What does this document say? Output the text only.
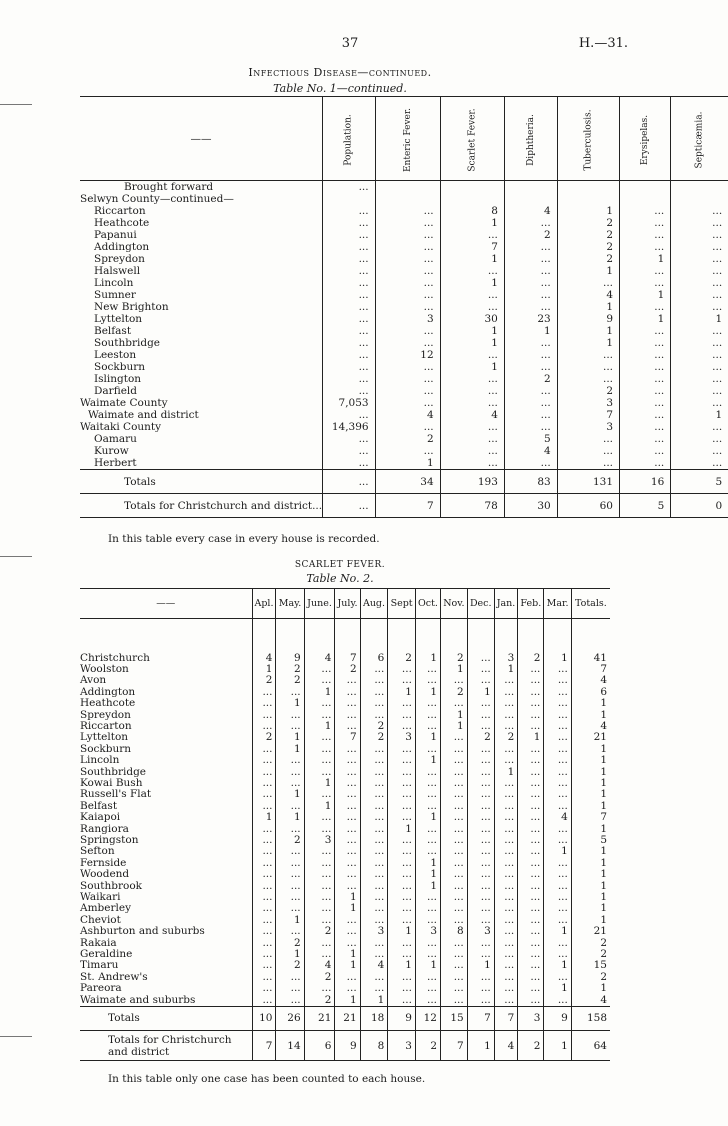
37	H.—31.
Infectious Disease—continued.
Table No. 1—continued.
——	Population.	Enteric Fever.	Scarlet Fever.	Diphtheria.	Tuberculosis.	Erysipelas.	Septicæmia.
Brought forward	...						
Selwyn County—continued—							
Riccarton	...	...	8	4	1	...	...
Heathcote	...	...	1	...	2	...	...
Papanui	...	...	...	2	2	...	...
Addington	...	...	7	...	2	...	...
Spreydon	...	...	1	...	2	1	...
Halswell	...	...	...	...	1	...	...
Lincoln	...	...	1	...	...	...	...
Sumner	...	...	...	...	4	1	...
New Brighton	...	...	...	...	1	...	...
Lyttelton	...	3	30	23	9	1	1
Belfast	...	...	1	1	1	...	...
Southbridge	...	...	1	...	1	...	...
Leeston	...	12	...	...	...	...	...
Sockburn	...	...	1	...	...	...	...
Islington	...	...	...	2	...	...	...
Darfield	...	...	...	...	2	...	...
Waimate County	7,053	...	...	...	3	...	...
Waimate and district	...	4	4	...	7	...	1
Waitaki County	14,396	...	...	...	3	...	...
Oamaru	...	2	...	5	...	...	...
Kurow	...	...	...	4	...	...	...
Herbert	...	1	...	...	...	...	...
Totals	...	34	193	83	131	16	5
Totals for Christchurch and district...	...	7	78	30	60	5	0
In this table every case in every house is recorded.
SCARLET FEVER.
Table No. 2.
——	Apl.	May.	June.	July.	Aug.	Sept	Oct.	Nov.	Dec.	Jan.	Feb.	Mar.	Totals.

Christchurch	4	9	4	7	6	2	1	2	...	3	2	1	41
Woolston	1	2	...	2	...	...	...	1	...	1	...	...	7
Avon	2	2	...	...	...	...	...	...	...	...	...	...	4
Addington	...	...	1	...	...	1	1	2	1	...	...	...	6
Heathcote	...	1	...	...	...	...	...	...	...	...	...	...	1
Spreydon	...	...	...	...	...	...	...	1	...	...	...	...	1
Riccarton	...	...	1	...	2	...	...	1	...	...	...	...	4
Lyttelton	2	1	...	7	2	3	1	...	2	2	1	...	21
Sockburn	...	1	...	...	...	...	...	...	...	...	...	...	1
Lincoln	...	...	...	...	...	...	1	...	...	...	...	...	1
Southbridge	...	...	...	...	...	...	...	...	...	1	...	...	1
Kowai Bush	...	...	1	...	...	...	...	...	...	...	...	...	1
Russell's Flat	...	1	...	...	...	...	...	...	...	...	...	...	1
Belfast	...	...	1	...	...	...	...	...	...	...	...	...	1
Kaiapoi	1	1	...	...	...	...	1	...	...	...	...	4	7
Rangiora	...	...	...	...	...	1	...	...	...	...	...	...	1
Springston	...	2	3	...	...	...	...	...	...	...	...	...	5
Sefton	...	...	...	...	...	...	...	...	...	...	...	1	1
Fernside	...	...	...	...	...	...	1	...	...	...	...	...	1
Woodend	...	...	...	...	...	...	1	...	...	...	...	...	1
Southbrook	...	...	...	...	...	...	1	...	...	...	...	...	1
Waikari	...	...	...	1	...	...	...	...	...	...	...	...	1
Amberley	...	...	...	1	...	...	...	...	...	...	...	...	1
Cheviot	...	1	...	...	...	...	...	...	...	...	...	...	1
Ashburton and suburbs	...	...	2	...	3	1	3	8	3	...	...	1	21
Rakaia	...	2	...	...	...	...	...	...	...	...	...	...	2
Geraldine	...	1	...	1	...	...	...	...	...	...	...	...	2
Timaru	...	2	4	1	4	1	1	...	1	...	...	1	15
St. Andrew's	...	...	2	...	...	...	...	...	...	...	...	...	2
Pareora	...	...	...	...	...	...	...	...	...	...	...	1	1
Waimate and suburbs	...	...	2	1	1	...	...	...	...	...	...	...	4
Totals	10	26	21	21	18	9	12	15	7	7	3	9	158
Totals for Christchurch and district	7	14	6	9	8	3	2	7	1	4	2	1	64
In this table only one case has been counted to each house.
